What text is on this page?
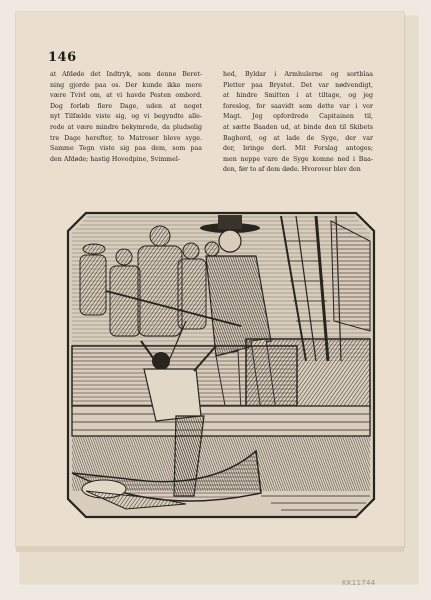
146
at Afdøde det Indtryk, som denne Beret-
ning gjorde paa os. Der kunde ikke mere
være Tvivl om, at vi havde Pesten ombord.
Dog forløb flere Dage, uden at noget
nyt Tilfælde viste sig, og vi begyndte alle-
rede at være mindre bekymrede, da pludselig
tre Dage herefter, to Matroser bleve syge.
Samme Tegn viste sig paa dem, som paa
den Afdøde; hastig Hovedpine, Svimmel-
hed, Byldar i Armhulerne og sortblaa
Pletter paa Brystet. Det var nødvendigt,
at hindre Smitten i at tiltage, og jeg
foreslog, for saavidt som dette var i vor
Magt. Jeg opfordrede Capitainen til,
at sætte Baaden ud, at binde den til Skibets
Bagbord, og at lade de Syge, der var
der, bringe derl. Mit Forslag antoges;
men neppe vare de Syge komne ned i Baa-
den, før to af dem døde. Hvorover blev den
KK11744
